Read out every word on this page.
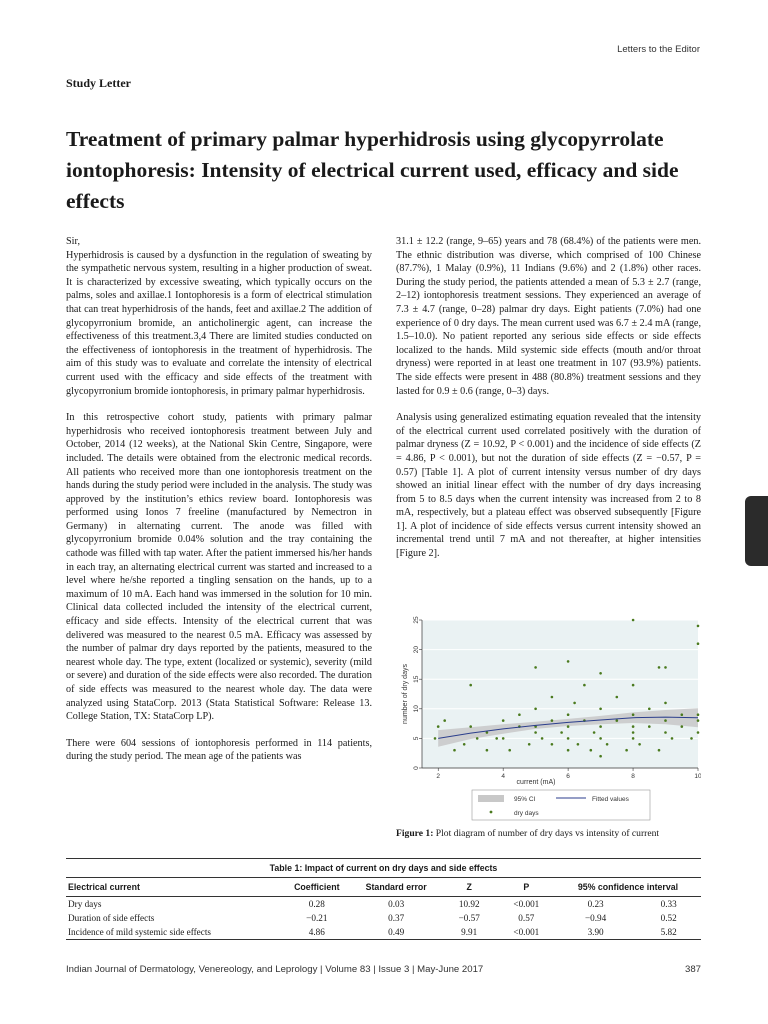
Letters to the Editor
Study Letter
Treatment of primary palmar hyperhidrosis using glycopyrrolate iontophoresis: Intensity of electrical current used, efficacy and side effects

Sir,

Hyperhidrosis is caused by a dysfunction in the regulation of sweating by the sympathetic nervous system, resulting in a higher production of sweat. It is characterized by excessive sweating, which typically occurs on the palms, soles and axillae.1 Iontophoresis is a form of electrical stimulation that can treat hyperhidrosis of the hands, feet and axillae.2 The addition of glycopyrronium bromide, an anticholinergic agent, can increase the effectiveness of this treatment.3,4 There are limited studies conducted on the effectiveness of iontophoresis in the treatment of hyperhidrosis. The aim of this study was to evaluate and correlate the intensity of electrical current used with the efficacy and side effects of the treatment with glycopyrronium bromide iontophoresis, in primary palmar hyperhidrosis.

In this retrospective cohort study, patients with primary palmar hyperhidrosis who received iontophoresis treatment between July and October, 2014 (12 weeks), at the National Skin Centre, Singapore, were included. The details were obtained from the electronic medical records. All patients who received more than one iontophoresis treatment on the hands during the study period were included in the analysis. The study was approved by the institution’s ethics review board. Iontophoresis was performed using Ionos 7 freeline (manufactured by Nemectron in Germany) in alternating current. The anode was filled with glycopyrronium bromide 0.04% solution and the tray containing the cathode was filled with tap water. After the patient immersed his/her hands in each tray, an alternating electrical current was started and increased to a level where he/she reported a tingling sensation on the hands, up to a maximum of 10 mA. Each hand was immersed in the solution for 10 min. Clinical data collected included the intensity of the electrical current, efficacy and side effects. Intensity of the electrical current that was delivered was measured to the nearest 0.5 mA. Efficacy was assessed by the number of palmar dry days reported by the patients, measured to the nearest whole day. The type, extent (localized or systemic), severity (mild or severe) and duration of the side effects were also recorded. The duration of side effects was measured to the nearest whole day. The data were analyzed using StataCorp. 2013 (Stata Statistical Software: Release 13. College Station, TX: StataCorp LP).

There were 604 sessions of iontophoresis performed in 114 patients, during the study period. The mean age of the patients was

31.1 ± 12.2 (range, 9–65) years and 78 (68.4%) of the patients were men. The ethnic distribution was diverse, which comprised of 100 Chinese (87.7%), 1 Malay (0.9%), 11 Indians (9.6%) and 2 (1.8%) other races. During the study period, the patients attended a mean of 5.3 ± 2.7 (range, 2–12) iontophoresis treatment sessions. They experienced an average of 7.3 ± 4.7 (range, 0–28) palmar dry days. Eight patients (7.0%) had one experience of 0 dry days. The mean current used was 6.7 ± 2.4 mA (range, 1.5–10.0). No patient reported any serious side effects or side effects localized to the hands. Mild systemic side effects (mouth and/or throat dryness) were reported in at least one treatment in 107 (93.9%) patients. The side effects were present in 488 (80.8%) treatment sessions and they lasted for 0.9 ± 0.6 (range, 0–3) days.

Analysis using generalized estimating equation revealed that the intensity of the electrical current used correlated positively with the duration of palmar dryness (Z = 10.92, P < 0.001) and the incidence of side effects (Z = 4.86, P < 0.001), but not the duration of side effects (Z = −0.57, P = 0.57) [Table 1]. A plot of current intensity versus number of dry days showed an initial linear effect with the number of dry days increasing from 5 to 8.5 days when the current intensity was increased from 2 to 8 mA, respectively, but a plateau effect was observed subsequently [Figure 1]. A plot of incidence of side effects versus current intensity showed an incremental trend until 7 mA and not thereafter, at higher intensities [Figure 2].

0
5
10
15
20
25
2	4	6	8	10
number of dry days
current (mA)
95% CI	Fitted values
dry days
Figure 1: Plot diagram of number of dry days vs intensity of current
Table 1: Impact of current on dry days and side effects
Electrical current	Coefficient	Standard error	Z	P	95% confidence interval	
Dry days	0.28	0.03	10.92	<0.001	0.23	0.33
Duration of side effects	−0.21	0.37	−0.57	0.57	−0.94	0.52
Incidence of mild systemic side effects	4.86	0.49	9.91	<0.001	3.90	5.82
Indian Journal of Dermatology, Venereology, and Leprology | Volume 83 | Issue 3 | May-June 2017	387
